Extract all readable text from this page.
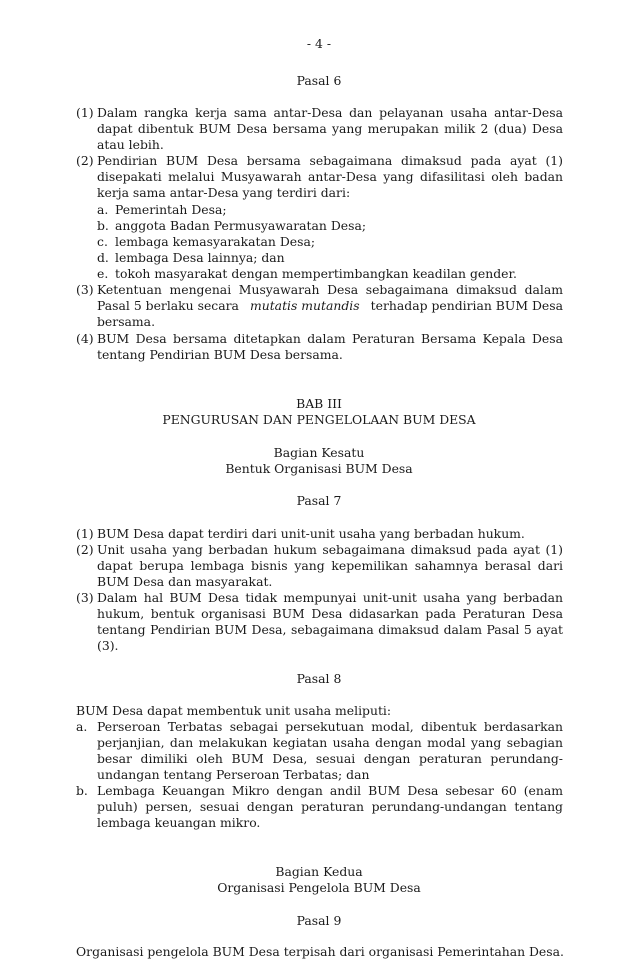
- 4 -
Pasal 6
(1) Dalam rangka kerja sama antar-Desa dan pelayanan usaha antar-Desa
dapat dibentuk BUM Desa bersama yang merupakan milik 2 (dua) Desa
atau lebih.
(2) Pendirian BUM Desa bersama sebagaimana dimaksud pada ayat (1)
disepakati melalui Musyawarah antar-Desa yang difasilitasi oleh badan
kerja sama antar-Desa yang terdiri dari:
a. Pemerintah Desa;
b. anggota Badan Permusyawaratan Desa;
c. lembaga kemasyarakatan Desa;
d. lembaga Desa lainnya; dan
e. tokoh masyarakat dengan mempertimbangkan keadilan gender.
(3) Ketentuan mengenai Musyawarah Desa sebagaimana dimaksud dalam
Pasal 5 berlaku secara mutatis mutandis terhadap pendirian BUM Desa
bersama.
(4) BUM Desa bersama ditetapkan dalam Peraturan Bersama Kepala Desa
tentang Pendirian BUM Desa bersama.
BAB III
PENGURUSAN DAN PENGELOLAAN BUM DESA
Bagian Kesatu
Bentuk Organisasi BUM Desa
Pasal 7
(1) BUM Desa dapat terdiri dari unit-unit usaha yang berbadan hukum.
(2) Unit usaha yang berbadan hukum sebagaimana dimaksud pada ayat (1)
dapat berupa lembaga bisnis yang kepemilikan sahamnya berasal dari
BUM Desa dan masyarakat.
(3) Dalam hal BUM Desa tidak mempunyai unit-unit usaha yang berbadan
hukum, bentuk organisasi BUM Desa didasarkan pada Peraturan Desa
tentang Pendirian BUM Desa, sebagaimana dimaksud dalam Pasal 5 ayat
(3).
Pasal 8
BUM Desa dapat membentuk unit usaha meliputi:
a. Perseroan Terbatas sebagai persekutuan modal, dibentuk berdasarkan
perjanjian, dan melakukan kegiatan usaha dengan modal yang sebagian
besar dimiliki oleh BUM Desa, sesuai dengan peraturan perundang-
undangan tentang Perseroan Terbatas; dan
b. Lembaga Keuangan Mikro dengan andil BUM Desa sebesar 60 (enam
puluh) persen, sesuai dengan peraturan perundang-undangan tentang
lembaga keuangan mikro.
Bagian Kedua
Organisasi Pengelola BUM Desa
Pasal 9
Organisasi pengelola BUM Desa terpisah dari organisasi Pemerintahan Desa.
